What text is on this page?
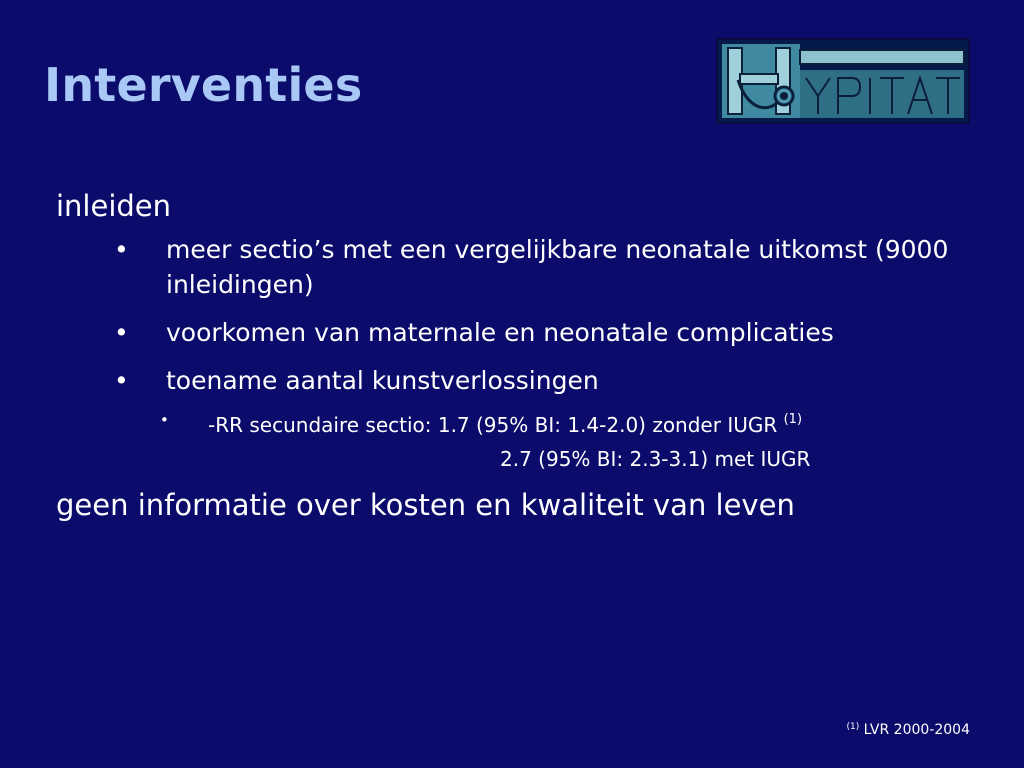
Interventies
inleiden
• meer sectio’s met een vergelijkbare neonatale uitkomst (9000 inleidingen)
• voorkomen van maternale en neonatale complicaties
• toename aantal kunstverlossingen
• -RR secundaire sectio: 1.7 (95% BI: 1.4-2.0) zonder IUGR $^{(1)}$
2.7 (95% BI: 2.3-3.1) met IUGR
geen informatie over kosten en kwaliteit van leven
$^{(1)}$ LVR 2000-2004
